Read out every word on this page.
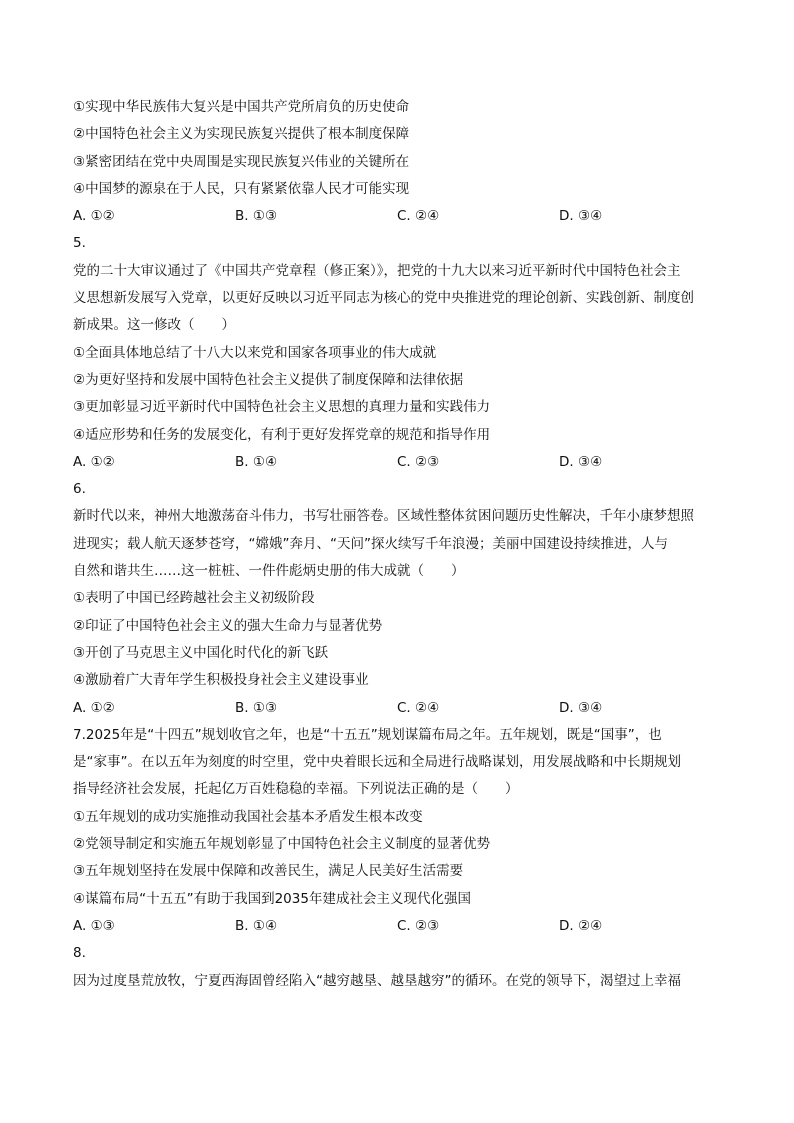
①实现中华民族伟大复兴是中国共产党所肩负的历史使命
②中国特色社会主义为实现民族复兴提供了根本制度保障
③紧密团结在党中央周围是实现民族复兴伟业的关键所在
④中国梦的源泉在于人民，只有紧紧依靠人民才可能实现
A. ①②	B. ①③	C. ②④	D. ③④
5.
党的二十大审议通过了《中国共产党章程（修正案）》，把党的十九大以来习近平新时代中国特色社会主
义思想新发展写入党章，以更好反映以习近平同志为核心的党中央推进党的理论创新、实践创新、制度创
新成果。这一修改（　　）
①全面具体地总结了十八大以来党和国家各项事业的伟大成就
②为更好坚持和发展中国特色社会主义提供了制度保障和法律依据
③更加彰显习近平新时代中国特色社会主义思想的真理力量和实践伟力
④适应形势和任务的发展变化，有利于更好发挥党章的规范和指导作用
A. ①②	B. ①④	C. ②③	D. ③④
6.
新时代以来，神州大地激荡奋斗伟力，书写壮丽答卷。区域性整体贫困问题历史性解决，千年小康梦想照
进现实；载人航天逐梦苍穹，“嫦娥”奔月、“天问”探火续写千年浪漫；美丽中国建设持续推进，人与
自然和谐共生……这一桩桩、一件件彪炳史册的伟大成就（　　）
①表明了中国已经跨越社会主义初级阶段
②印证了中国特色社会主义的强大生命力与显著优势
③开创了马克思主义中国化时代化的新飞跃
④激励着广大青年学生积极投身社会主义建设事业
A. ①②	B. ①③	C. ②④	D. ③④
7.2025年是“十四五”规划收官之年，也是“十五五”规划谋篇布局之年。五年规划，既是“国事”，也
是“家事”。在以五年为刻度的时空里，党中央着眼长远和全局进行战略谋划，用发展战略和中长期规划
指导经济社会发展，托起亿万百姓稳稳的幸福。下列说法正确的是（　　）
①五年规划的成功实施推动我国社会基本矛盾发生根本改变
②党领导制定和实施五年规划彰显了中国特色社会主义制度的显著优势
③五年规划坚持在发展中保障和改善民生，满足人民美好生活需要
④谋篇布局“十五五”有助于我国到2035年建成社会主义现代化强国
A. ①③	B. ①④	C. ②③	D. ②④
8.
因为过度垦荒放牧，宁夏西海固曾经陷入“越穷越垦、越垦越穷”的循环。在党的领导下，渴望过上幸福
